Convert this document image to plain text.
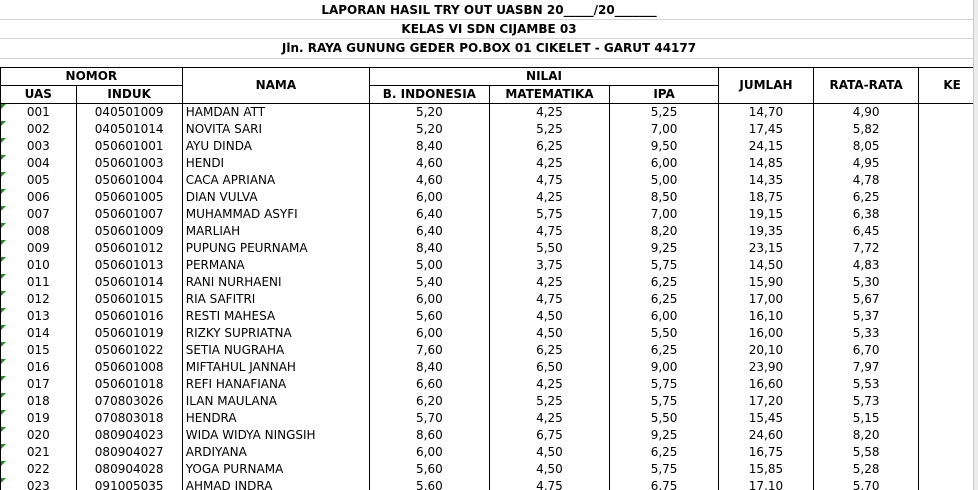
LAPORAN HASIL TRY OUT UASBN 20_____/20_______
KELAS VI SDN CIJAMBE 03
Jln. RAYA GUNUNG GEDER PO.BOX 01 CIKELET - GARUT 44177
NOMOR		NAMA	NILAI			JUMLAH	RATA-RATA	KE
UAS	INDUK		B. INDONESIA	MATEMATIKA	IPA			
001	040501009	HAMDAN ATT	5,20	4,25	5,25	14,70	4,90	
002	040501014	NOVITA SARI	5,20	5,25	7,00	17,45	5,82	
003	050601001	AYU DINDA	8,40	6,25	9,50	24,15	8,05	
004	050601003	HENDI	4,60	4,25	6,00	14,85	4,95	
005	050601004	CACA APRIANA	4,60	4,75	5,00	14,35	4,78	
006	050601005	DIAN VULVA	6,00	4,25	8,50	18,75	6,25	
007	050601007	MUHAMMAD ASYFI	6,40	5,75	7,00	19,15	6,38	
008	050601009	MARLIAH	6,40	4,75	8,20	19,35	6,45	
009	050601012	PUPUNG PEURNAMA	8,40	5,50	9,25	23,15	7,72	
010	050601013	PERMANA	5,00	3,75	5,75	14,50	4,83	
011	050601014	RANI NURHAENI	5,40	4,25	6,25	15,90	5,30	
012	050601015	RIA SAFITRI	6,00	4,75	6,25	17,00	5,67	
013	050601016	RESTI MAHESA	5,60	4,50	6,00	16,10	5,37	
014	050601019	RIZKY SUPRIATNA	6,00	4,50	5,50	16,00	5,33	
015	050601022	SETIA NUGRAHA	7,60	6,25	6,25	20,10	6,70	
016	050601008	MIFTAHUL JANNAH	8,40	6,50	9,00	23,90	7,97	
017	050601018	REFI HANAFIANA	6,60	4,25	5,75	16,60	5,53	
018	070803026	ILAN MAULANA	6,20	5,25	5,75	17,20	5,73	
019	070803018	HENDRA	5,70	4,25	5,50	15,45	5,15	
020	080904023	WIDA WIDYA NINGSIH	8,60	6,75	9,25	24,60	8,20	
021	080904027	ARDIYANA	6,00	4,50	6,25	16,75	5,58	
022	080904028	YOGA PURNAMA	5,60	4,50	5,75	15,85	5,28	
023	091005035	AHMAD INDRA	5,60	4,75	6,75	17,10	5,70	
